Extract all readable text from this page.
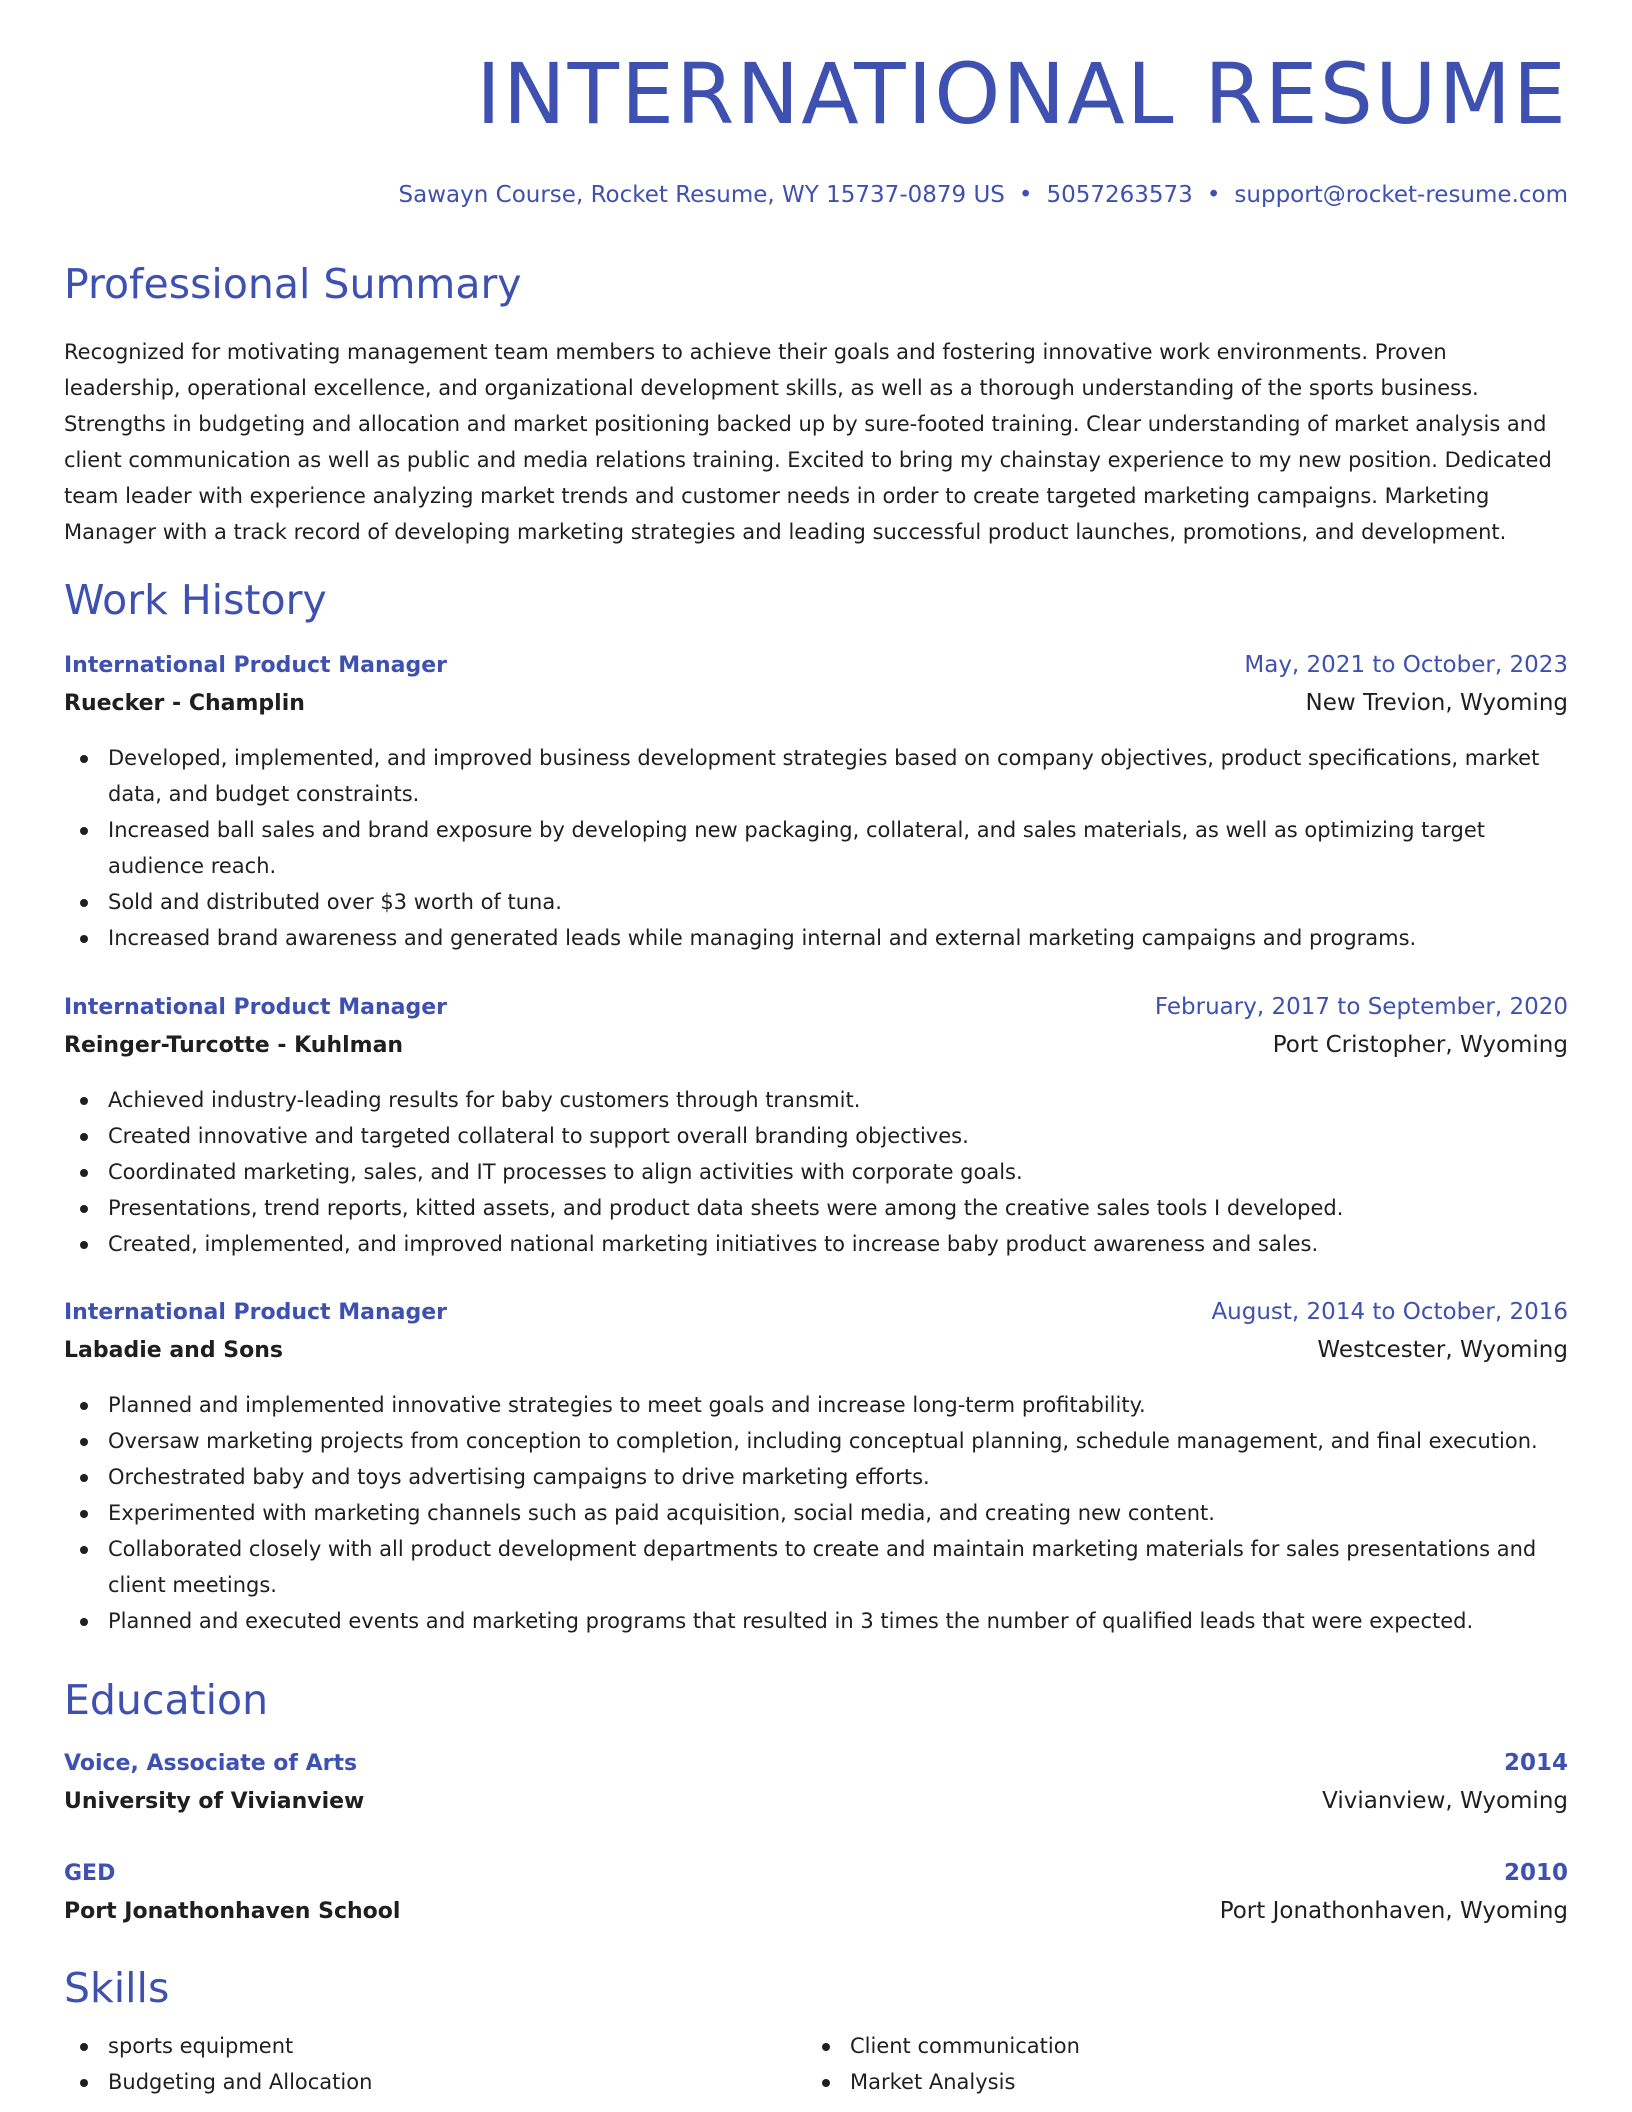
INTERNATIONAL RESUME
Sawayn Course, Rocket Resume, WY 15737-0879 US • 5057263573 • support@rocket-resume.com
Professional Summary

Recognized for motivating management team members to achieve their goals and fostering innovative work environments. Proven leadership, operational excellence, and organizational development skills, as well as a thorough understanding of the sports business. Strengths in budgeting and allocation and market positioning backed up by sure-footed training. Clear understanding of market analysis and client communication as well as public and media relations training. Excited to bring my chainstay experience to my new position. Dedicated team leader with experience analyzing market trends and customer needs in order to create targeted marketing campaigns. Marketing Manager with a track record of developing marketing strategies and leading successful product launches, promotions, and development.

Work History
International Product Manager	May, 2021 to October, 2023
Ruecker - Champlin	New Trevion, Wyoming
Developed, implemented, and improved business development strategies based on company objectives, product specifications, market data, and budget constraints.
Increased ball sales and brand exposure by developing new packaging, collateral, and sales materials, as well as optimizing target audience reach.
Sold and distributed over $3 worth of tuna.
Increased brand awareness and generated leads while managing internal and external marketing campaigns and programs.
International Product Manager	February, 2017 to September, 2020
Reinger-Turcotte - Kuhlman	Port Cristopher, Wyoming
Achieved industry-leading results for baby customers through transmit.
Created innovative and targeted collateral to support overall branding objectives.
Coordinated marketing, sales, and IT processes to align activities with corporate goals.
Presentations, trend reports, kitted assets, and product data sheets were among the creative sales tools I developed.
Created, implemented, and improved national marketing initiatives to increase baby product awareness and sales.
International Product Manager	August, 2014 to October, 2016
Labadie and Sons	Westcester, Wyoming
Planned and implemented innovative strategies to meet goals and increase long-term profitability.
Oversaw marketing projects from conception to completion, including conceptual planning, schedule management, and final execution.
Orchestrated baby and toys advertising campaigns to drive marketing efforts.
Experimented with marketing channels such as paid acquisition, social media, and creating new content.
Collaborated closely with all product development departments to create and maintain marketing materials for sales presentations and client meetings.
Planned and executed events and marketing programs that resulted in 3 times the number of qualified leads that were expected.
Education
Voice, Associate of Arts	2014
University of Vivianview	Vivianview, Wyoming
GED	2010
Port Jonathonhaven School	Port Jonathonhaven, Wyoming
Skills
sports equipment
Budgeting and Allocation
Client communication
Market Analysis
